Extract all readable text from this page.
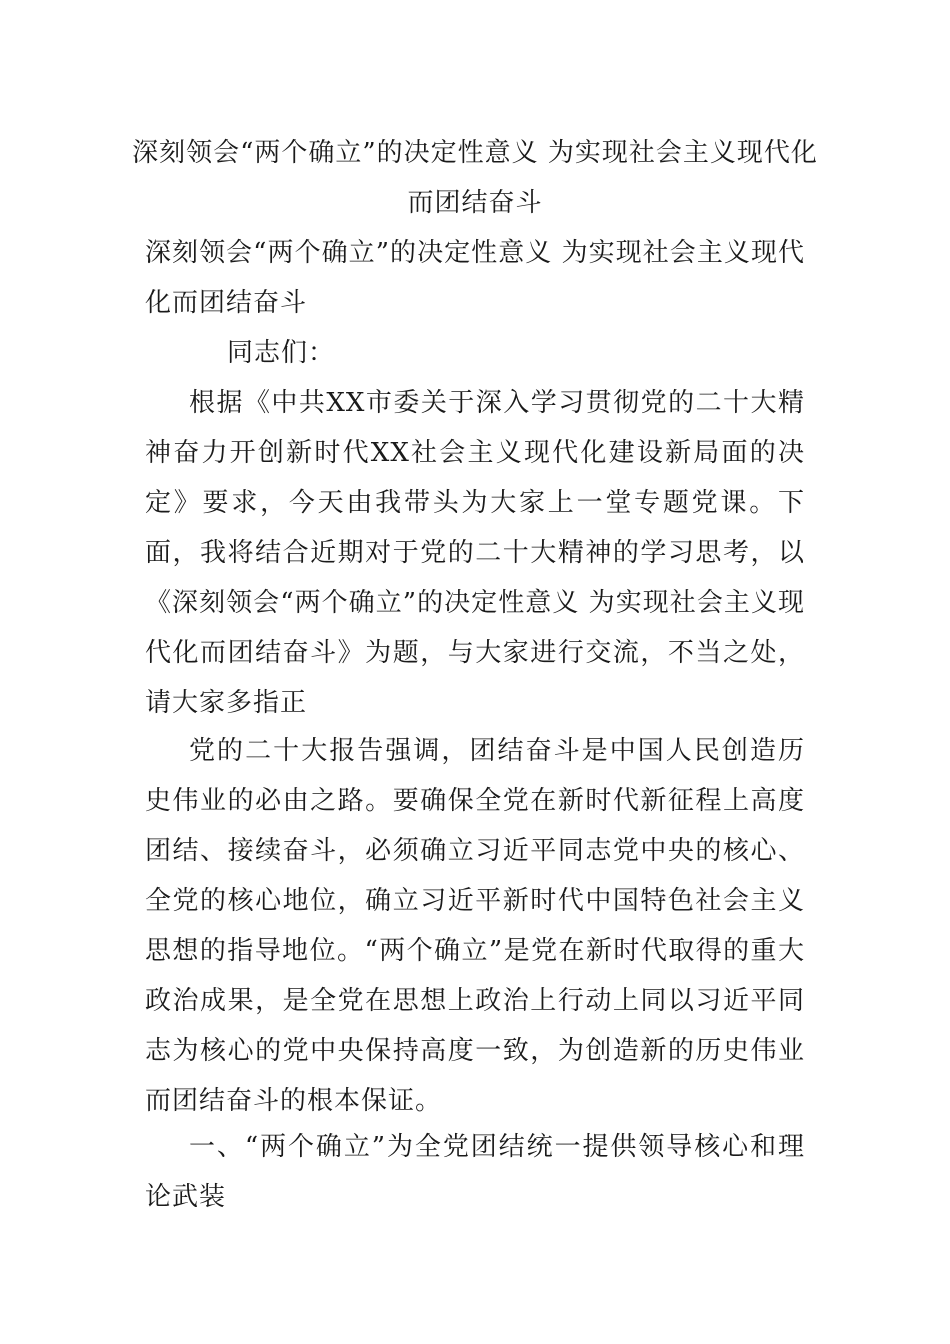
深刻领会“两个确立”的决定性意义 为实现社会主义现代化而团结奋斗

深刻领会“两个确立”的决定性意义 为实现社会主义现代化而团结奋斗

同志们：

根据《中共XX市委关于深入学习贯彻党的二十大精神奋力开创新时代XX社会主义现代化建设新局面的决定》要求，今天由我带头为大家上一堂专题党课。下面，我将结合近期对于党的二十大精神的学习思考，以《深刻领会“两个确立”的决定性意义 为实现社会主义现代化而团结奋斗》为题，与大家进行交流，不当之处，请大家多指正

党的二十大报告强调，团结奋斗是中国人民创造历史伟业的必由之路。要确保全党在新时代新征程上高度团结、接续奋斗，必须确立习近平同志党中央的核心、全党的核心地位，确立习近平新时代中国特色社会主义思想的指导地位。“两个确立”是党在新时代取得的重大政治成果，是全党在思想上政治上行动上同以习近平同志为核心的党中央保持高度一致，为创造新的历史伟业而团结奋斗的根本保证。

一、“两个确立”为全党团结统一提供领导核心和理论武装
